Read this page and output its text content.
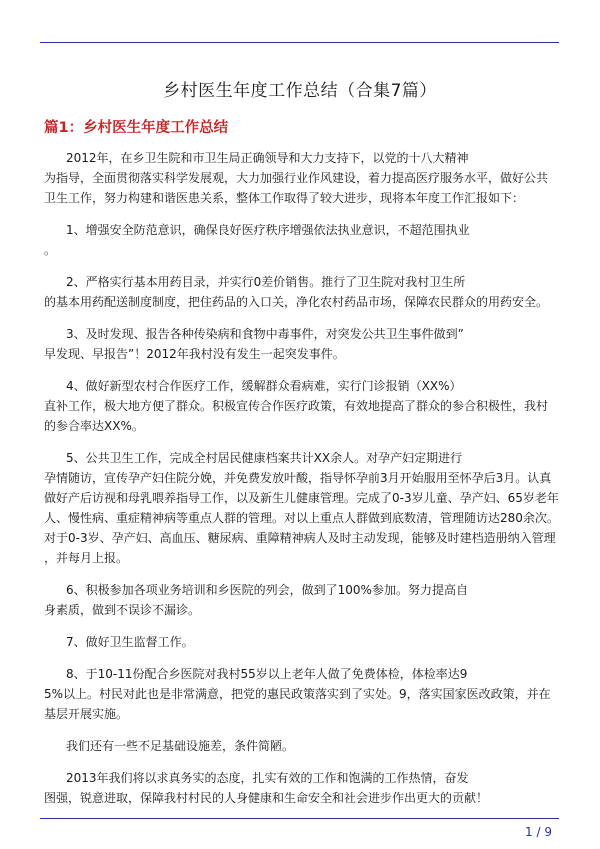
乡村医生年度工作总结（合集7篇）
篇1：乡村医生年度工作总结
2012年，在乡卫生院和市卫生局正确领导和大力支持下，以党的十八大精神
为指导，全面贯彻落实科学发展观，大力加强行业作风建设，着力提高医疗服务水平，做好公共
卫生工作，努力构建和谐医患关系，整体工作取得了较大进步，现将本年度工作汇报如下：
1、增强安全防范意识，确保良好医疗秩序增强依法执业意识，不超范围执业
。
2、严格实行基本用药目录，并实行0差价销售。推行了卫生院对我村卫生所
的基本用药配送制度制度，把住药品的入口关，净化农村药品市场，保障农民群众的用药安全。
3、及时发现、报告各种传染病和食物中毒事件，对突发公共卫生事件做到”
早发现、早报告”！2012年我村没有发生一起突发事件。
4、做好新型农村合作医疗工作，缓解群众看病难，实行门诊报销（XX%）
直补工作，极大地方便了群众。积极宣传合作医疗政策，有效地提高了群众的参合积极性，我村
的参合率达XX%。
5、公共卫生工作，完成全村居民健康档案共计XX余人。对孕产妇定期进行
孕情随访，宣传孕产妇住院分娩，并免费发放叶酸，指导怀孕前3月开始服用至怀孕后3月。认真
做好产后访视和母乳喂养指导工作，以及新生儿健康管理。完成了0-3岁儿童、孕产妇、65岁老年
人、慢性病、重症精神病等重点人群的管理。对以上重点人群做到底数清，管理随访达280余次。
对于0-3岁、孕产妇、高血压、糖尿病、重障精神病人及时主动发现，能够及时建档造册纳入管理
，并每月上报。
6、积极参加各项业务培训和乡医院的列会，做到了100%参加。努力提高自
身素质，做到不误诊不漏诊。
7、做好卫生监督工作。
8、于10-11份配合乡医院对我村55岁以上老年人做了免费体检，体检率达9
5%以上。村民对此也是非常满意，把党的惠民政策落实到了实处。9，落实国家医改政策，并在
基层开展实施。
我们还有一些不足基础设施差，条件简陋。
2013年我们将以求真务实的态度，扎实有效的工作和饱满的工作热情，奋发
图强，锐意进取，保障我村村民的人身健康和生命安全和社会进步作出更大的贡献！
1 / 9
